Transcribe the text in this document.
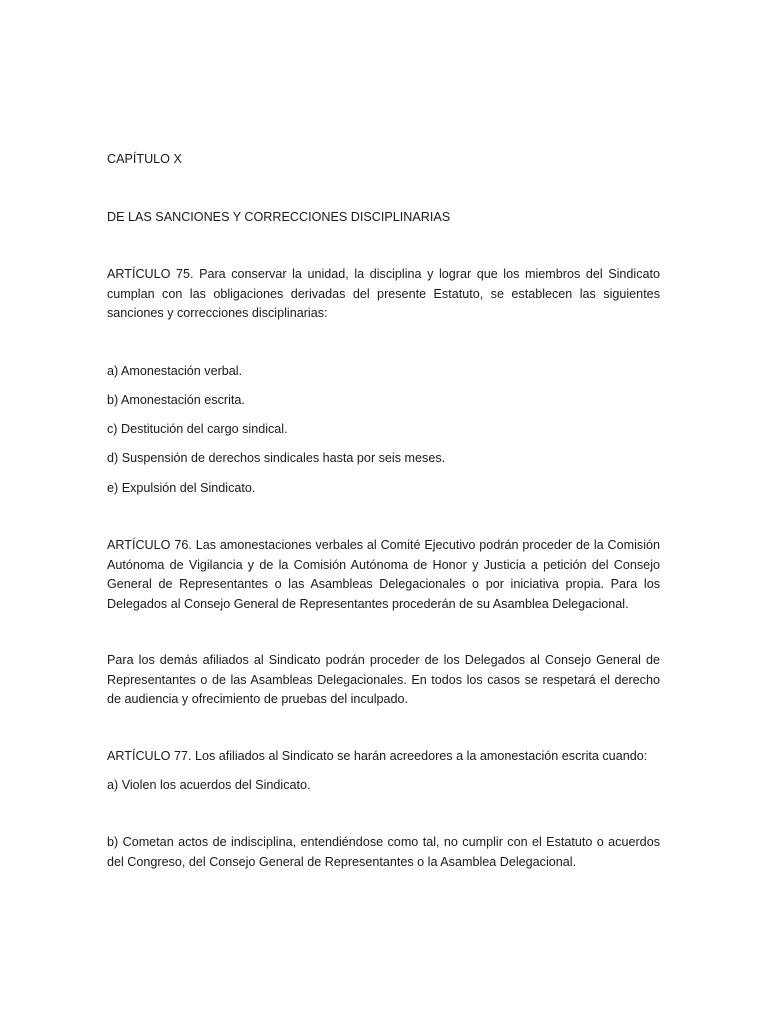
CAPÍTULO X

DE LAS SANCIONES Y CORRECCIONES DISCIPLINARIAS

ARTÍCULO 75. Para conservar la unidad, la disciplina y lograr que los miembros del Sindicato cumplan con las obligaciones derivadas del presente Estatuto, se establecen las siguientes sanciones y correcciones disciplinarias:

a) Amonestación verbal.

b) Amonestación escrita.

c) Destitución del cargo sindical.

d) Suspensión de derechos sindicales hasta por seis meses.

e) Expulsión del Sindicato.

ARTÍCULO 76. Las amonestaciones verbales al Comité Ejecutivo podrán proceder de la Comisión Autónoma de Vigilancia y de la Comisión Autónoma de Honor y Justicia a petición del Consejo General de Representantes o las Asambleas Delegacionales o por iniciativa propia. Para los Delegados al Consejo General de Representantes procederán de su Asamblea Delegacional.

Para los demás afiliados al Sindicato podrán proceder de los Delegados al Consejo General de Representantes o de las Asambleas Delegacionales. En todos los casos se respetará el derecho de audiencia y ofrecimiento de pruebas del inculpado.

ARTÍCULO 77. Los afiliados al Sindicato se harán acreedores a la amonestación escrita cuando:

a) Violen los acuerdos del Sindicato.

b) Cometan actos de indisciplina, entendiéndose como tal, no cumplir con el Estatuto o acuerdos del Congreso, del Consejo General de Representantes o la Asamblea Delegacional.
